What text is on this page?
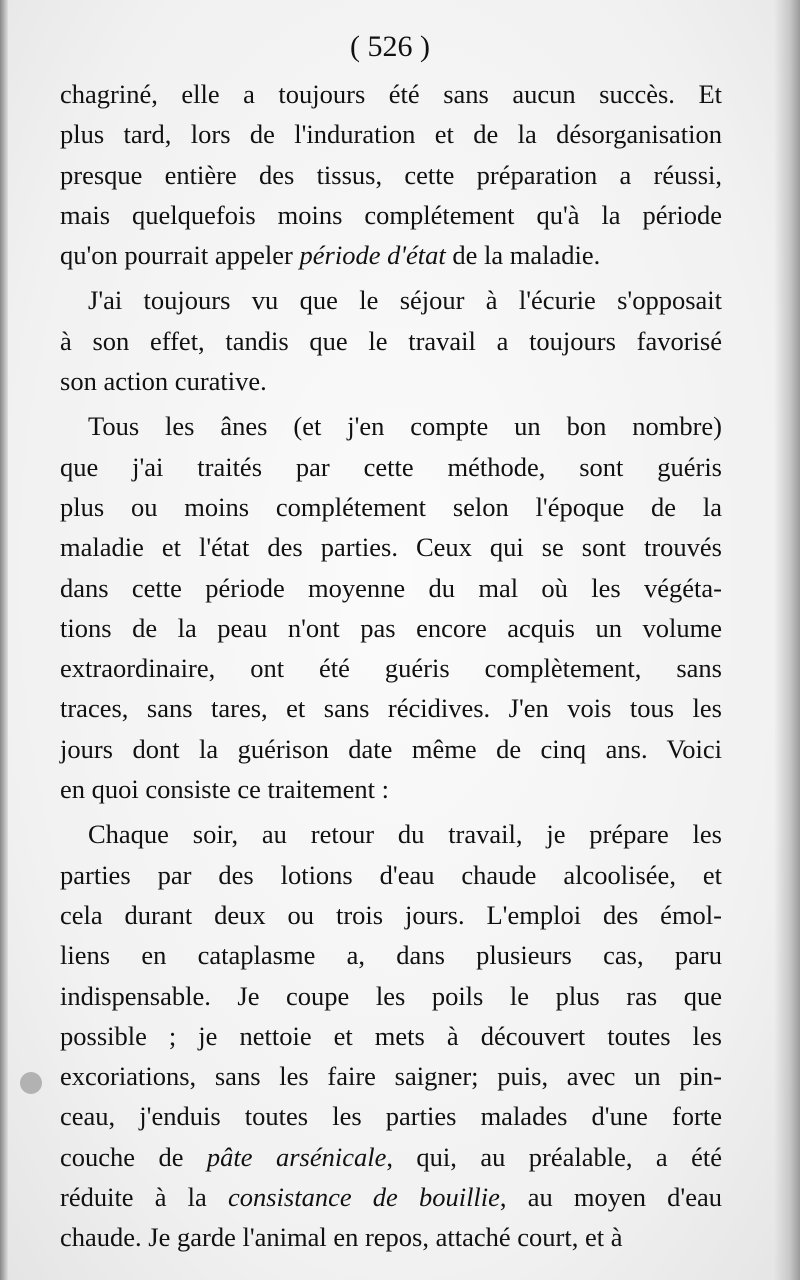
( 526 )
chagriné, elle a toujours été sans aucun succès. Et
plus tard, lors de l'induration et de la désorganisation
presque entière des tissus, cette préparation a réussi,
mais quelquefois moins complétement qu'à la période
qu'on pourrait appeler période d'état de la maladie.
J'ai toujours vu que le séjour à l'écurie s'opposait
à son effet, tandis que le travail a toujours favorisé
son action curative.
Tous les ânes (et j'en compte un bon nombre)
que j'ai traités par cette méthode, sont guéris
plus ou moins complétement selon l'époque de la
maladie et l'état des parties. Ceux qui se sont trouvés
dans cette période moyenne du mal où les végéta-
tions de la peau n'ont pas encore acquis un volume
extraordinaire, ont été guéris complètement, sans
traces, sans tares, et sans récidives. J'en vois tous les
jours dont la guérison date même de cinq ans. Voici
en quoi consiste ce traitement :
Chaque soir, au retour du travail, je prépare les
parties par des lotions d'eau chaude alcoolisée, et
cela durant deux ou trois jours. L'emploi des émol-
liens en cataplasme a, dans plusieurs cas, paru
indispensable. Je coupe les poils le plus ras que
possible ; je nettoie et mets à découvert toutes les
excoriations, sans les faire saigner; puis, avec un pin-
ceau, j'enduis toutes les parties malades d'une forte
couche de pâte arsénicale, qui, au préalable, a été
réduite à la consistance de bouillie, au moyen d'eau
chaude. Je garde l'animal en repos, attaché court, et à
